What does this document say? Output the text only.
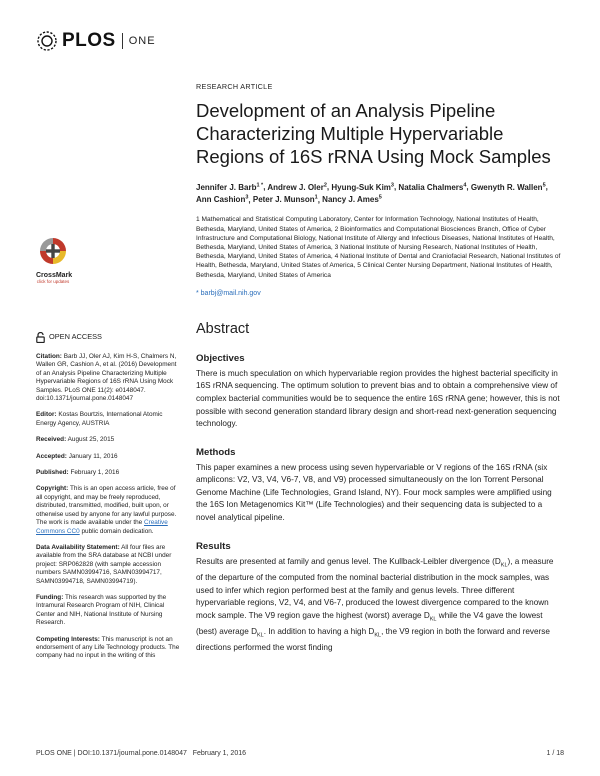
PLOS ONE
CrossMark
click for updates
OPEN ACCESS
Citation: Barb JJ, Oler AJ, Kim H-S, Chalmers N, Wallen GR, Cashion A, et al. (2016) Development of an Analysis Pipeline Characterizing Multiple Hypervariable Regions of 16S rRNA Using Mock Samples. PLoS ONE 11(2): e0148047. doi:10.1371/journal.pone.0148047
Editor: Kostas Bourtzis, International Atomic Energy Agency, AUSTRIA
Received: August 25, 2015
Accepted: January 11, 2016
Published: February 1, 2016
Copyright: This is an open access article, free of all copyright, and may be freely reproduced, distributed, transmitted, modified, built upon, or otherwise used by anyone for any lawful purpose. The work is made available under the Creative Commons CC0 public domain dedication.
Data Availability Statement: All four files are available from the SRA database at NCBI under project: SRP062828 (with sample accession numbers SAMN03994716, SAMN03994717, SAMN03994718, SAMN03994719).
Funding: This research was supported by the Intramural Research Program of NIH, Clinical Center and NIH, National Institute of Nursing Research.
Competing Interests: This manuscript is not an endorsement of any Life Technology products. The company had no input in the writing of this
RESEARCH ARTICLE
Development of an Analysis Pipeline Characterizing Multiple Hypervariable Regions of 16S rRNA Using Mock Samples
Jennifer J. Barb$^{1 *}$, Andrew J. Oler$^2$, Hyung-Suk Kim$^3$, Natalia Chalmers$^4$, Gwenyth R. Wallen$^5$, Ann Cashion$^3$, Peter J. Munson$^1$, Nancy J. Ames$^5$
1 Mathematical and Statistical Computing Laboratory, Center for Information Technology, National Institutes of Health, Bethesda, Maryland, United States of America, 2 Bioinformatics and Computational Biosciences Branch, Office of Cyber Infrastructure and Computational Biology, National Institute of Allergy and Infectious Diseases, National Institutes of Health, Bethesda, Maryland, United States of America, 3 National Institute of Nursing Research, National Institutes of Health, Bethesda, Maryland, United States of America, 4 National Institute of Dental and Craniofacial Research, National Institutes of Health, Bethesda, Maryland, United States of America, 5 Clinical Center Nursing Department, National Institutes of Health, Bethesda, Maryland, United States of America
* barbj@mail.nih.gov
Abstract
Objectives
There is much speculation on which hypervariable region provides the highest bacterial specificity in 16S rRNA sequencing. The optimum solution to prevent bias and to obtain a comprehensive view of complex bacterial communities would be to sequence the entire 16S rRNA gene; however, this is not possible with second generation standard library design and short-read next-generation sequencing technology.
Methods
This paper examines a new process using seven hypervariable or V regions of the 16S rRNA (six amplicons: V2, V3, V4, V6-7, V8, and V9) processed simultaneously on the Ion Torrent Personal Genome Machine (Life Technologies, Grand Island, NY). Four mock samples were amplified using the 16S Ion Metagenomics Kit™ (Life Technologies) and their sequencing data is subjected to a novel analytical pipeline.
Results
Results are presented at family and genus level. The Kullback-Leibler divergence $(D_{KL})$, a measure of the departure of the computed from the nominal bacterial distribution in the mock samples, was used to infer which region performed best at the family and genus levels. Three different hypervariable regions, V2, V4, and V6-7, produced the lowest divergence compared to the known mock sample. The V9 region gave the highest (worst) average $D_{KL}$ while the V4 gave the lowest (best) average $D_{KL}$. In addition to having a high $D_{KL}$, the V9 region in both the forward and reverse directions performed the worst finding
PLOS ONE | DOI:10.1371/journal.pone.0148047   February 1, 2016	1 / 18
